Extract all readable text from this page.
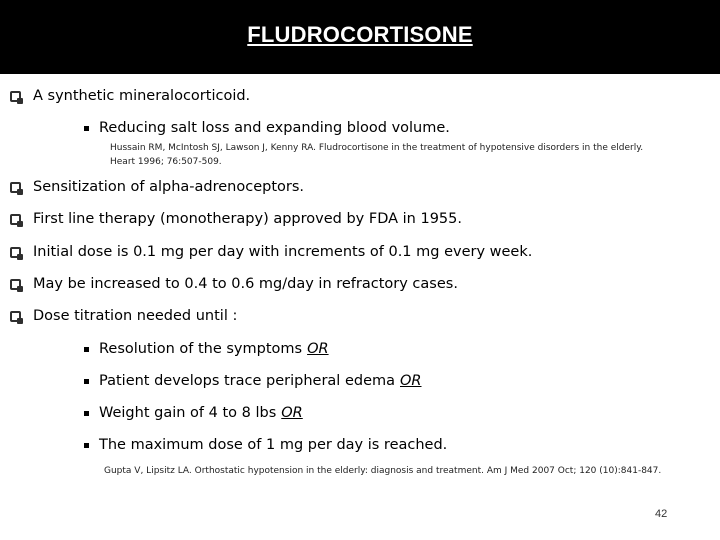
FLUDROCORTISONE
A synthetic mineralocorticoid.
Reducing salt loss and expanding blood volume.
Hussain RM, McIntosh SJ, Lawson J, Kenny RA. Fludrocortisone in the treatment of hypotensive disorders in the elderly.
Heart 1996; 76:507-509.
Sensitization of alpha-adrenoceptors.
First line therapy (monotherapy) approved by FDA in 1955.
Initial dose is 0.1 mg per day with increments of 0.1 mg every week.
May be increased to 0.4 to 0.6 mg/day in refractory cases.
Dose titration needed until :
Resolution of the symptoms OR
Patient develops trace peripheral edema OR
Weight gain of 4 to 8 lbs OR
The maximum dose of 1 mg per day is reached.
Gupta V, Lipsitz LA. Orthostatic hypotension in the elderly: diagnosis and treatment. Am J Med 2007 Oct; 120 (10):841-847.
42
